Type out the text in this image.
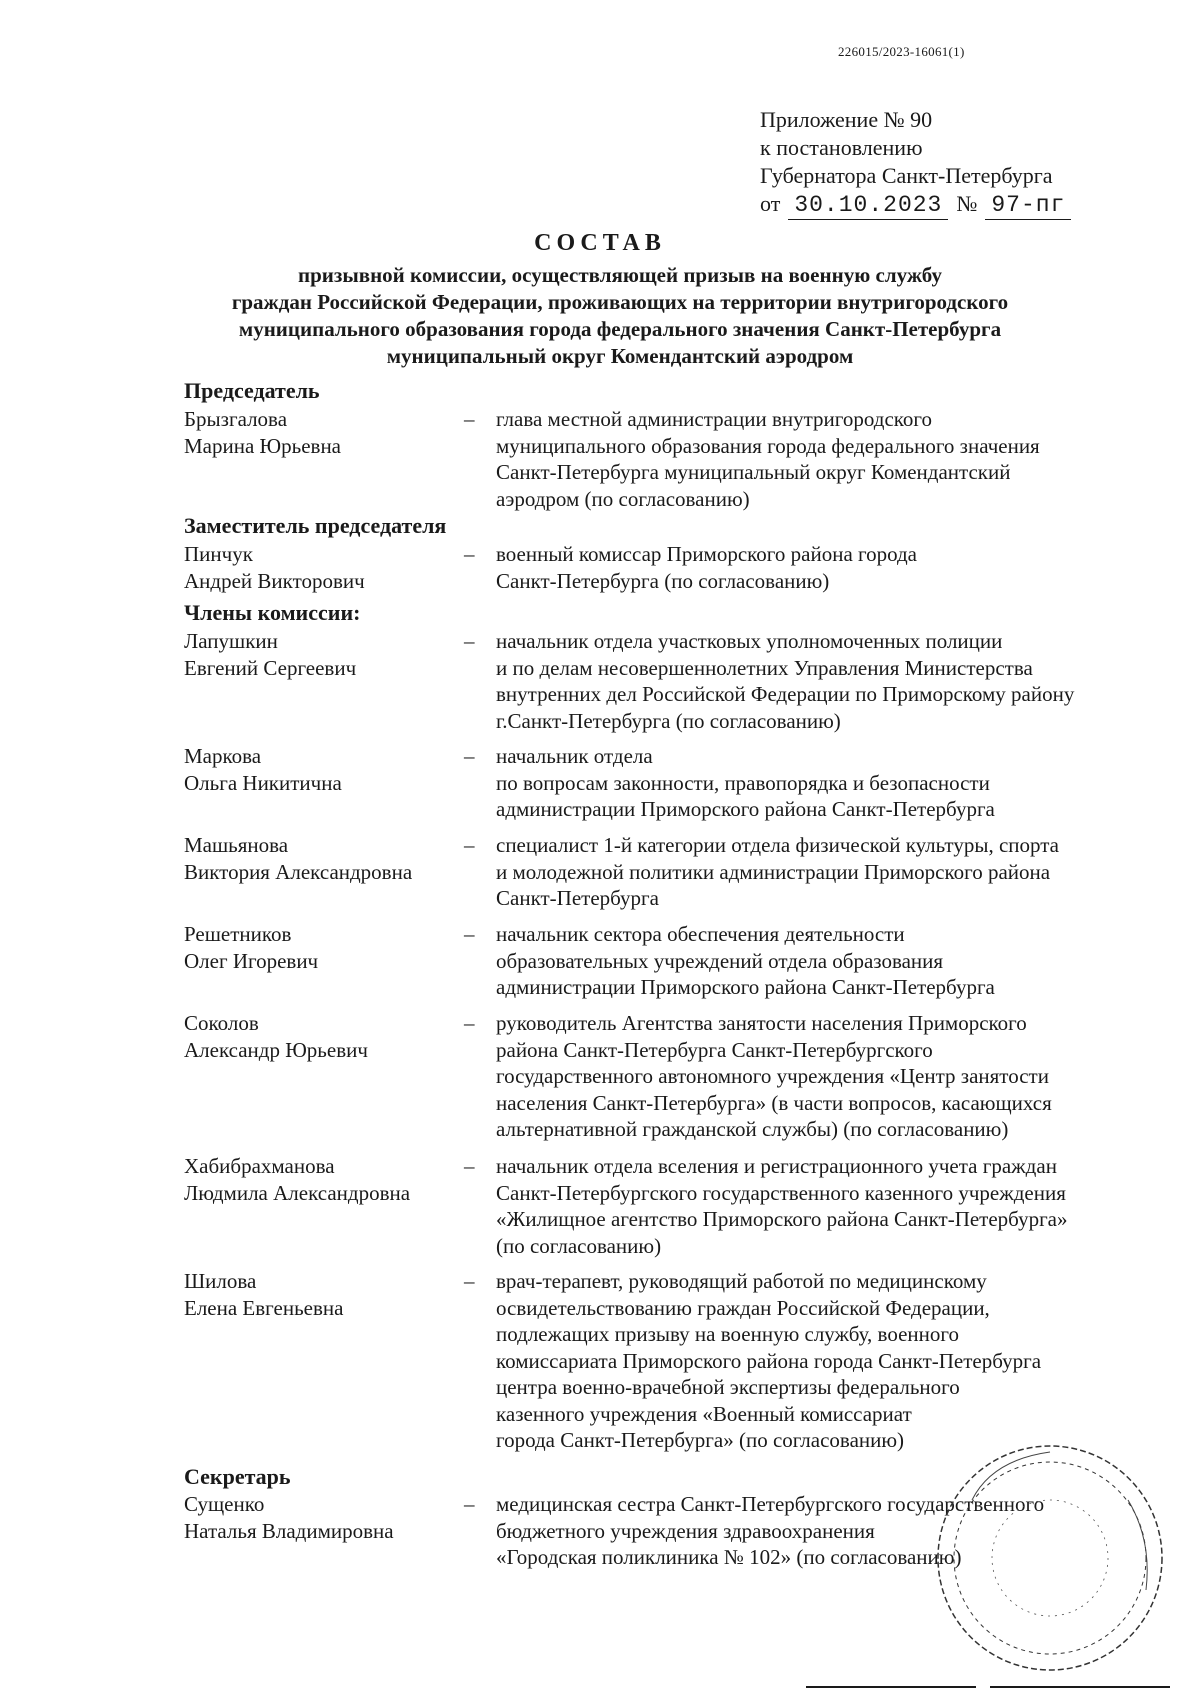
226015/2023-16061(1)
Приложение № 90
к постановлению
Губернатора Санкт-Петербурга
от 30.10.2023 № 97-пг
СОСТАВ
призывной комиссии, осуществляющей призыв на военную службу
граждан Российской Федерации, проживающих на территории внутригородского
муниципального образования города федерального значения Санкт-Петербурга
муниципальный округ Комендантский аэродром
Председатель
Брызгалова
Марина Юрьевна
–	глава местной администрации внутригородского
муниципального образования города федерального значения
Санкт-Петербурга муниципальный округ Комендантский
аэродром (по согласованию)
Заместитель председателя
Пинчук
Андрей Викторович
–	военный комиссар Приморского района города
Санкт-Петербурга (по согласованию)
Члены комиссии:
Лапушкин
Евгений Сергеевич
–	начальник отдела участковых уполномоченных полиции
и по делам несовершеннолетних Управления Министерства
внутренних дел Российской Федерации по Приморскому району
г.Санкт-Петербурга (по согласованию)
Маркова
Ольга Никитична
–	начальник отдела
по вопросам законности, правопорядка и безопасности
администрации Приморского района Санкт-Петербурга
Машьянова
Виктория Александровна
–	специалист 1-й категории отдела физической культуры, спорта
и молодежной политики администрации Приморского района
Санкт-Петербурга
Решетников
Олег Игоревич
–	начальник сектора обеспечения деятельности
образовательных учреждений отдела образования
администрации Приморского района Санкт-Петербурга
Соколов
Александр Юрьевич
–	руководитель Агентства занятости населения Приморского
района Санкт-Петербурга Санкт-Петербургского
государственного автономного учреждения «Центр занятости
населения Санкт-Петербурга» (в части вопросов, касающихся
альтернативной гражданской службы) (по согласованию)
Хабибрахманова
Людмила Александровна
–	начальник отдела вселения и регистрационного учета граждан
Санкт-Петербургского государственного казенного учреждения
«Жилищное агентство Приморского района Санкт-Петербурга»
(по согласованию)
Шилова
Елена Евгеньевна
–	врач-терапевт, руководящий работой по медицинскому
освидетельствованию граждан Российской Федерации,
подлежащих призыву на военную службу, военного
комиссариата Приморского района города Санкт-Петербурга
центра военно-врачебной экспертизы федерального
казенного учреждения «Военный комиссариат
города Санкт-Петербурга» (по согласованию)
Секретарь
Сущенко
Наталья Владимировна
–	медицинская сестра Санкт-Петербургского государственного
бюджетного учреждения здравоохранения
«Городская поликлиника № 102» (по согласованию)
